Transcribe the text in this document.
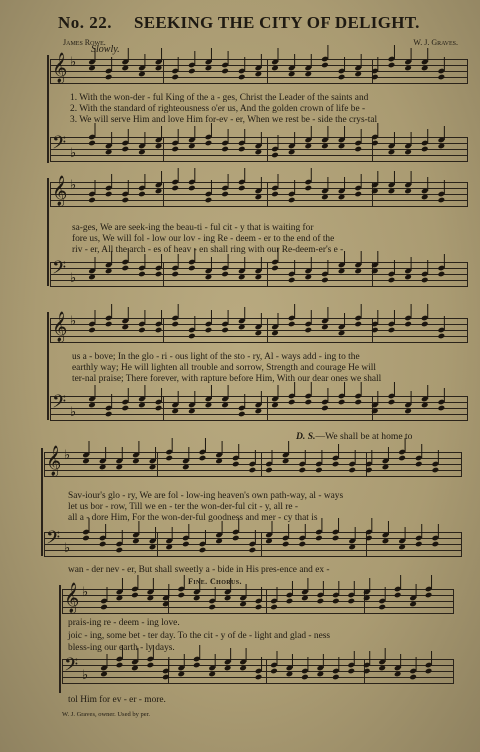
No. 22. SEEKING THE CITY OF DELIGHT.
James Rowe.	W. J. Graves.
Slowly.
𝄞 ♭
𝄢 ♭
1. With the won-der - ful King of the a - ges, Christ the Leader of the saints and
2. With the standard of righteousness o'er us, And the golden crown of life be -
3. We will serve Him and love Him for-ev - er, When we rest be - side the crys-tal
𝄞 ♭
𝄢 ♭
sa-ges, We are seek-ing the beau-ti - ful cit - y that is waiting for
fore us, We will fol - low our lov - ing Re - deem - er to the end of the
riv - er, All the arch - es of heav - en shall ring with our Re-deem-er's e -
𝄞 ♭
𝄢 ♭
us a - bove; In the glo - ri - ous light of the sto - ry, Al - ways add - ing to the
earthly way; He will lighten all trouble and sorrow, Strength and courage He will
ter-nal praise; There forever, with rapture before Him, With our dear ones we shall
D. S.—We shall be at home to
𝄞 ♭
𝄢 ♭
Sav-iour's glo - ry, We are fol - low-ing heaven's own path-way, al - ways
let us bor - row, Till we en - ter the won-der-ful cit - y, all re -
all a - dore Him, For the won-der-ful goodness and mer - cy that is
wan - der nev - er, But shall sweetly a - bide in His pres-ence and ex -
Fine. Chorus.
𝄞 ♭
𝄢 ♭
prais-ing re - deem - ing love.
joic - ing, some bet - ter day. To the cit - y of de - light and glad - ness
bless-ing our earth - ly days.
tol Him for ev - er - more.
W. J. Graves, owner. Used by per.
